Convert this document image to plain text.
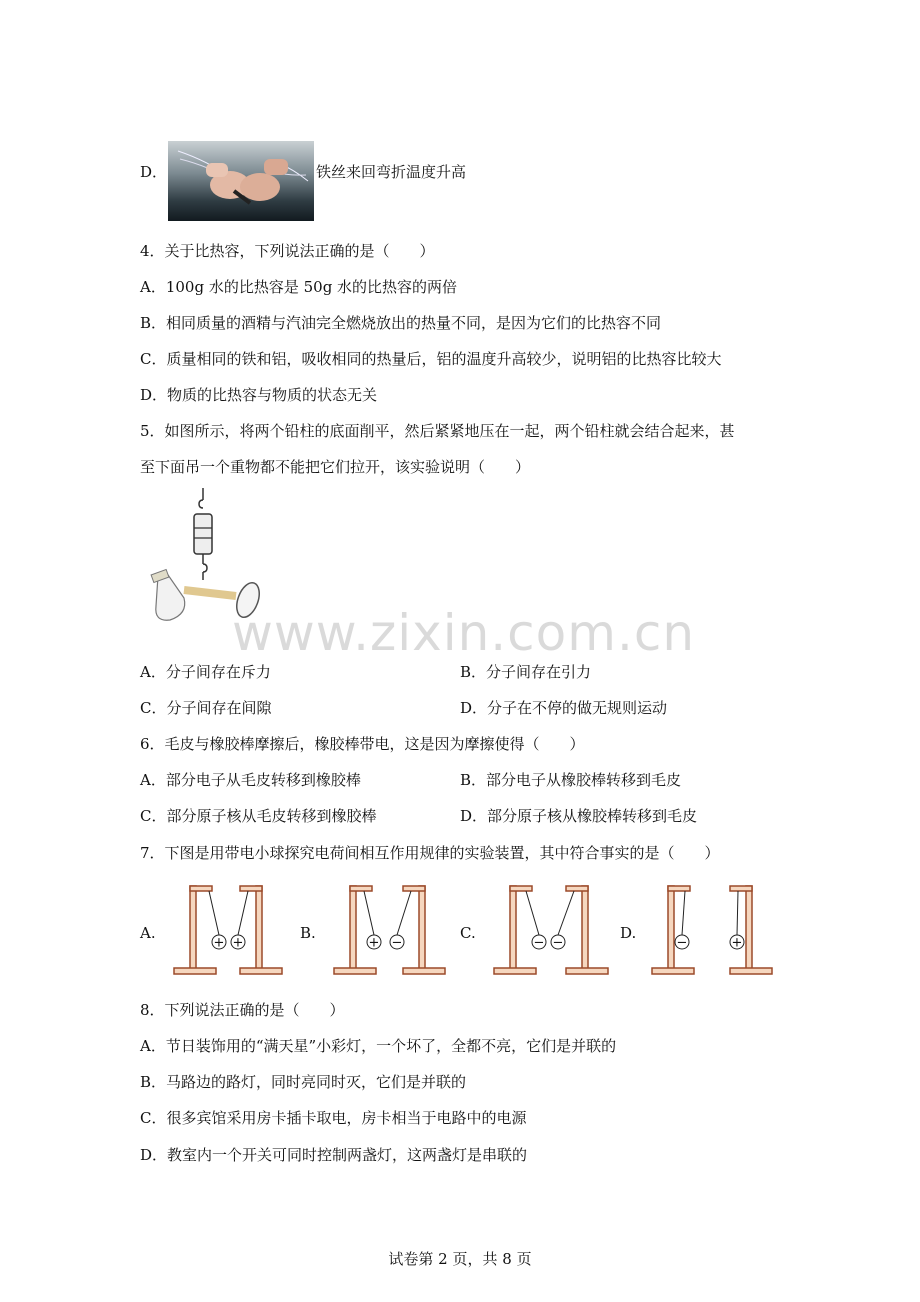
D．	铁丝来回弯折温度升高
4．关于比热容，下列说法正确的是（　　）
A．100g 水的比热容是 50g 水的比热容的两倍
B．相同质量的酒精与汽油完全燃烧放出的热量不同，是因为它们的比热容不同
C．质量相同的铁和铝，吸收相同的热量后，铝的温度升高较少，说明铝的比热容比较大
D．物质的比热容与物质的状态无关
5．如图所示，将两个铅柱的底面削平，然后紧紧地压在一起，两个铅柱就会结合起来，甚
至下面吊一个重物都不能把它们拉开，该实验说明（　　）
www.zixin.com.cn
A．分子间存在斥力	B．分子间存在引力
C．分子间存在间隙	D．分子在不停的做无规则运动
6．毛皮与橡胶棒摩擦后，橡胶棒带电，这是因为摩擦使得（　　）
A．部分电子从毛皮转移到橡胶棒	B．部分电子从橡胶棒转移到毛皮
C．部分原子核从毛皮转移到橡胶棒	D．部分原子核从橡胶棒转移到毛皮
7．下图是用带电小球探究电荷间相互作用规律的实验装置，其中符合事实的是（　　）
A.	B.	C.	D.
+ +	+ −	− −	−	+
8．下列说法正确的是（　　）
A．节日装饰用的“满天星”小彩灯，一个坏了，全都不亮，它们是并联的
B．马路边的路灯，同时亮同时灭，它们是并联的
C．很多宾馆采用房卡插卡取电，房卡相当于电路中的电源
D．教室内一个开关可同时控制两盏灯，这两盏灯是串联的
试卷第 2 页，共 8 页
